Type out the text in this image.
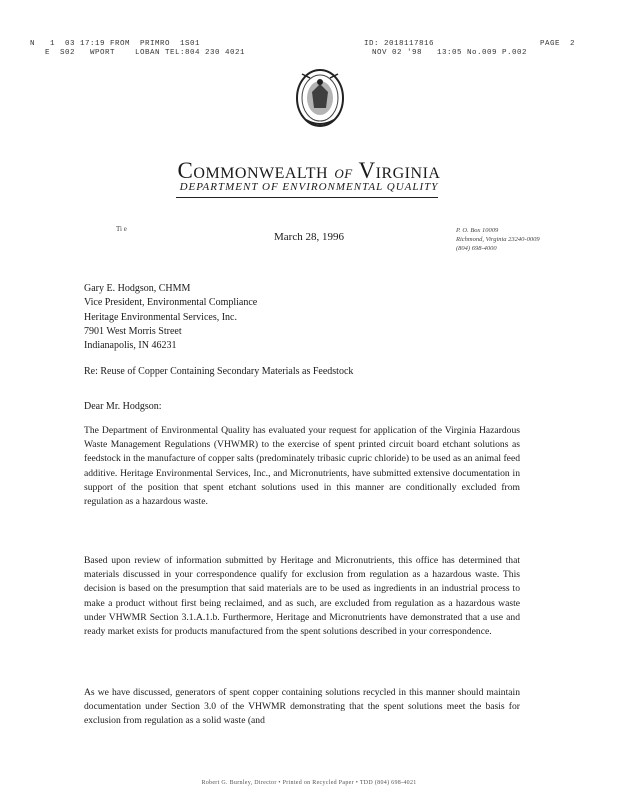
N   1  03 17:19 FROM  PRIMRO  1S01	ID: 2018117816	PAGE  2
E  S02   WPORT    LOBAN TEL:804 230 4021	NOV 02 '98   13:05 No.009 P.002
Commonwealth of Virginia
DEPARTMENT OF ENVIRONMENTAL QUALITY
Ti e
March 28, 1996
P. O. Box 10009
Richmond, Virginia 23240-0009
(804) 698-4000
Gary E. Hodgson, CHMM
Vice President, Environmental Compliance
Heritage Environmental Services, Inc.
7901 West Morris Street
Indianapolis, IN 46231
Re: Reuse of Copper Containing Secondary Materials as Feedstock
Dear Mr. Hodgson:
The Department of Environmental Quality has evaluated your request for application of the Virginia Hazardous Waste Management Regulations (VHWMR) to the exercise of spent printed circuit board etchant solutions as feedstock in the manufacture of copper salts (predominately tribasic cupric chloride) to be used as an animal feed additive. Heritage Environmental Services, Inc., and Micronutrients, have submitted extensive documentation in support of the position that spent etchant solutions used in this manner are conditionally excluded from regulation as a hazardous waste.
Based upon review of information submitted by Heritage and Micronutrients, this office has determined that materials discussed in your correspondence qualify for exclusion from regulation as a hazardous waste. This decision is based on the presumption that said materials are to be used as ingredients in an industrial process to make a product without first being reclaimed, and as such, are excluded from regulation as a hazardous waste under VHWMR Section 3.1.A.1.b. Furthermore, Heritage and Micronutrients have demonstrated that a use and ready market exists for products manufactured from the spent solutions described in your correspondence.
As we have discussed, generators of spent copper containing solutions recycled in this manner should maintain documentation under Section 3.0 of the VHWMR demonstrating that the spent solutions meet the basis for exclusion from regulation as a solid waste (and
Robert G. Burnley, Director • Printed on Recycled Paper • TDD (804) 698-4021
